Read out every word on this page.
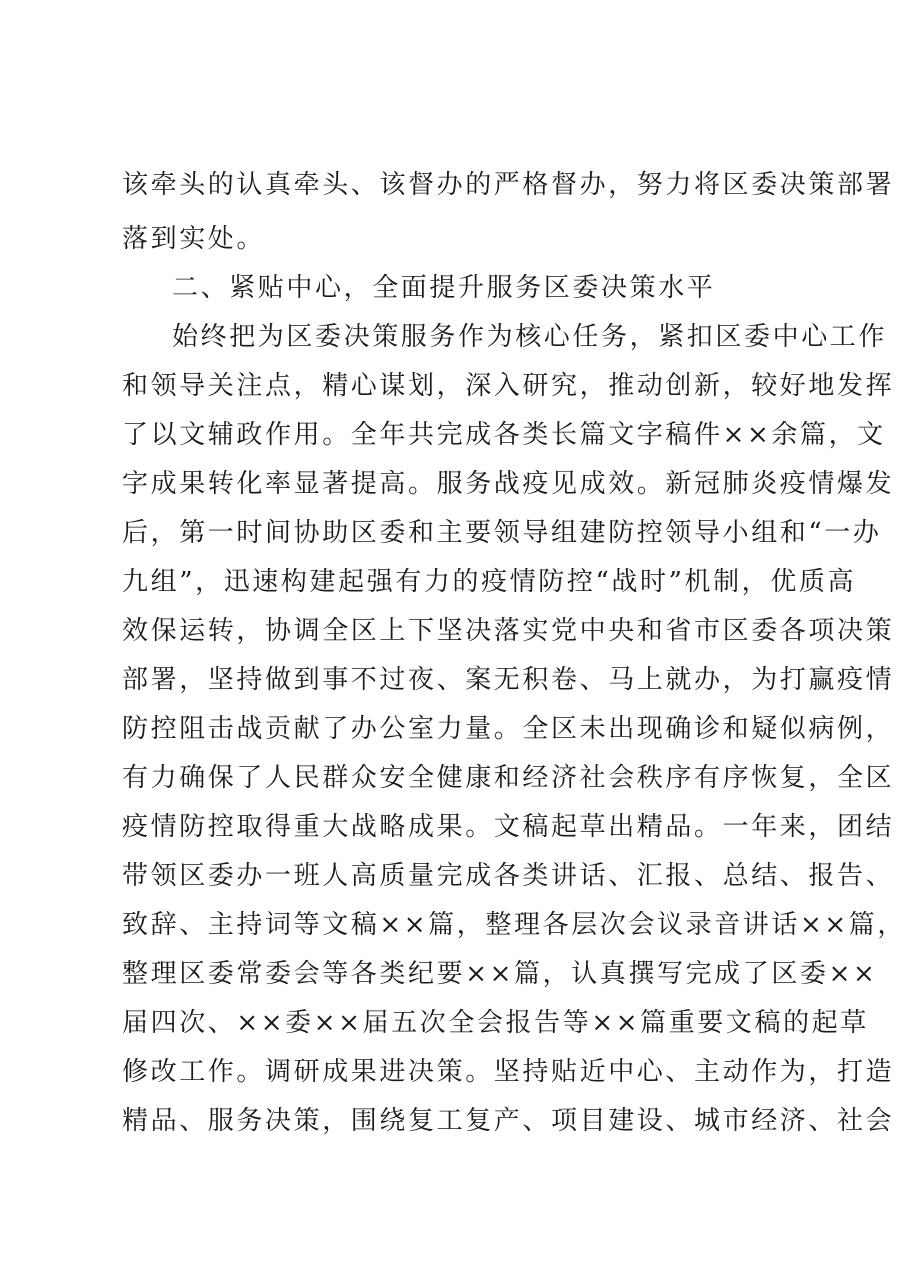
该牵头的认真牵头、该督办的严格督办，努力将区委决策部署
落到实处。
二、紧贴中心，全面提升服务区委决策水平
始终把为区委决策服务作为核心任务，紧扣区委中心工作
和领导关注点，精心谋划，深入研究，推动创新，较好地发挥
了以文辅政作用。全年共完成各类长篇文字稿件××余篇，文
字成果转化率显著提高。服务战疫见成效。新冠肺炎疫情爆发
后，第一时间协助区委和主要领导组建防控领导小组和“一办
九组”，迅速构建起强有力的疫情防控“战时”机制，优质高
效保运转，协调全区上下坚决落实党中央和省市区委各项决策
部署，坚持做到事不过夜、案无积卷、马上就办，为打赢疫情
防控阻击战贡献了办公室力量。全区未出现确诊和疑似病例，
有力确保了人民群众安全健康和经济社会秩序有序恢复，全区
疫情防控取得重大战略成果。文稿起草出精品。一年来，团结
带领区委办一班人高质量完成各类讲话、汇报、总结、报告、
致辞、主持词等文稿××篇，整理各层次会议录音讲话××篇，
整理区委常委会等各类纪要××篇，认真撰写完成了区委××
届四次、××委××届五次全会报告等××篇重要文稿的起草
修改工作。调研成果进决策。坚持贴近中心、主动作为，打造
精品、服务决策，围绕复工复产、项目建设、城市经济、社会
